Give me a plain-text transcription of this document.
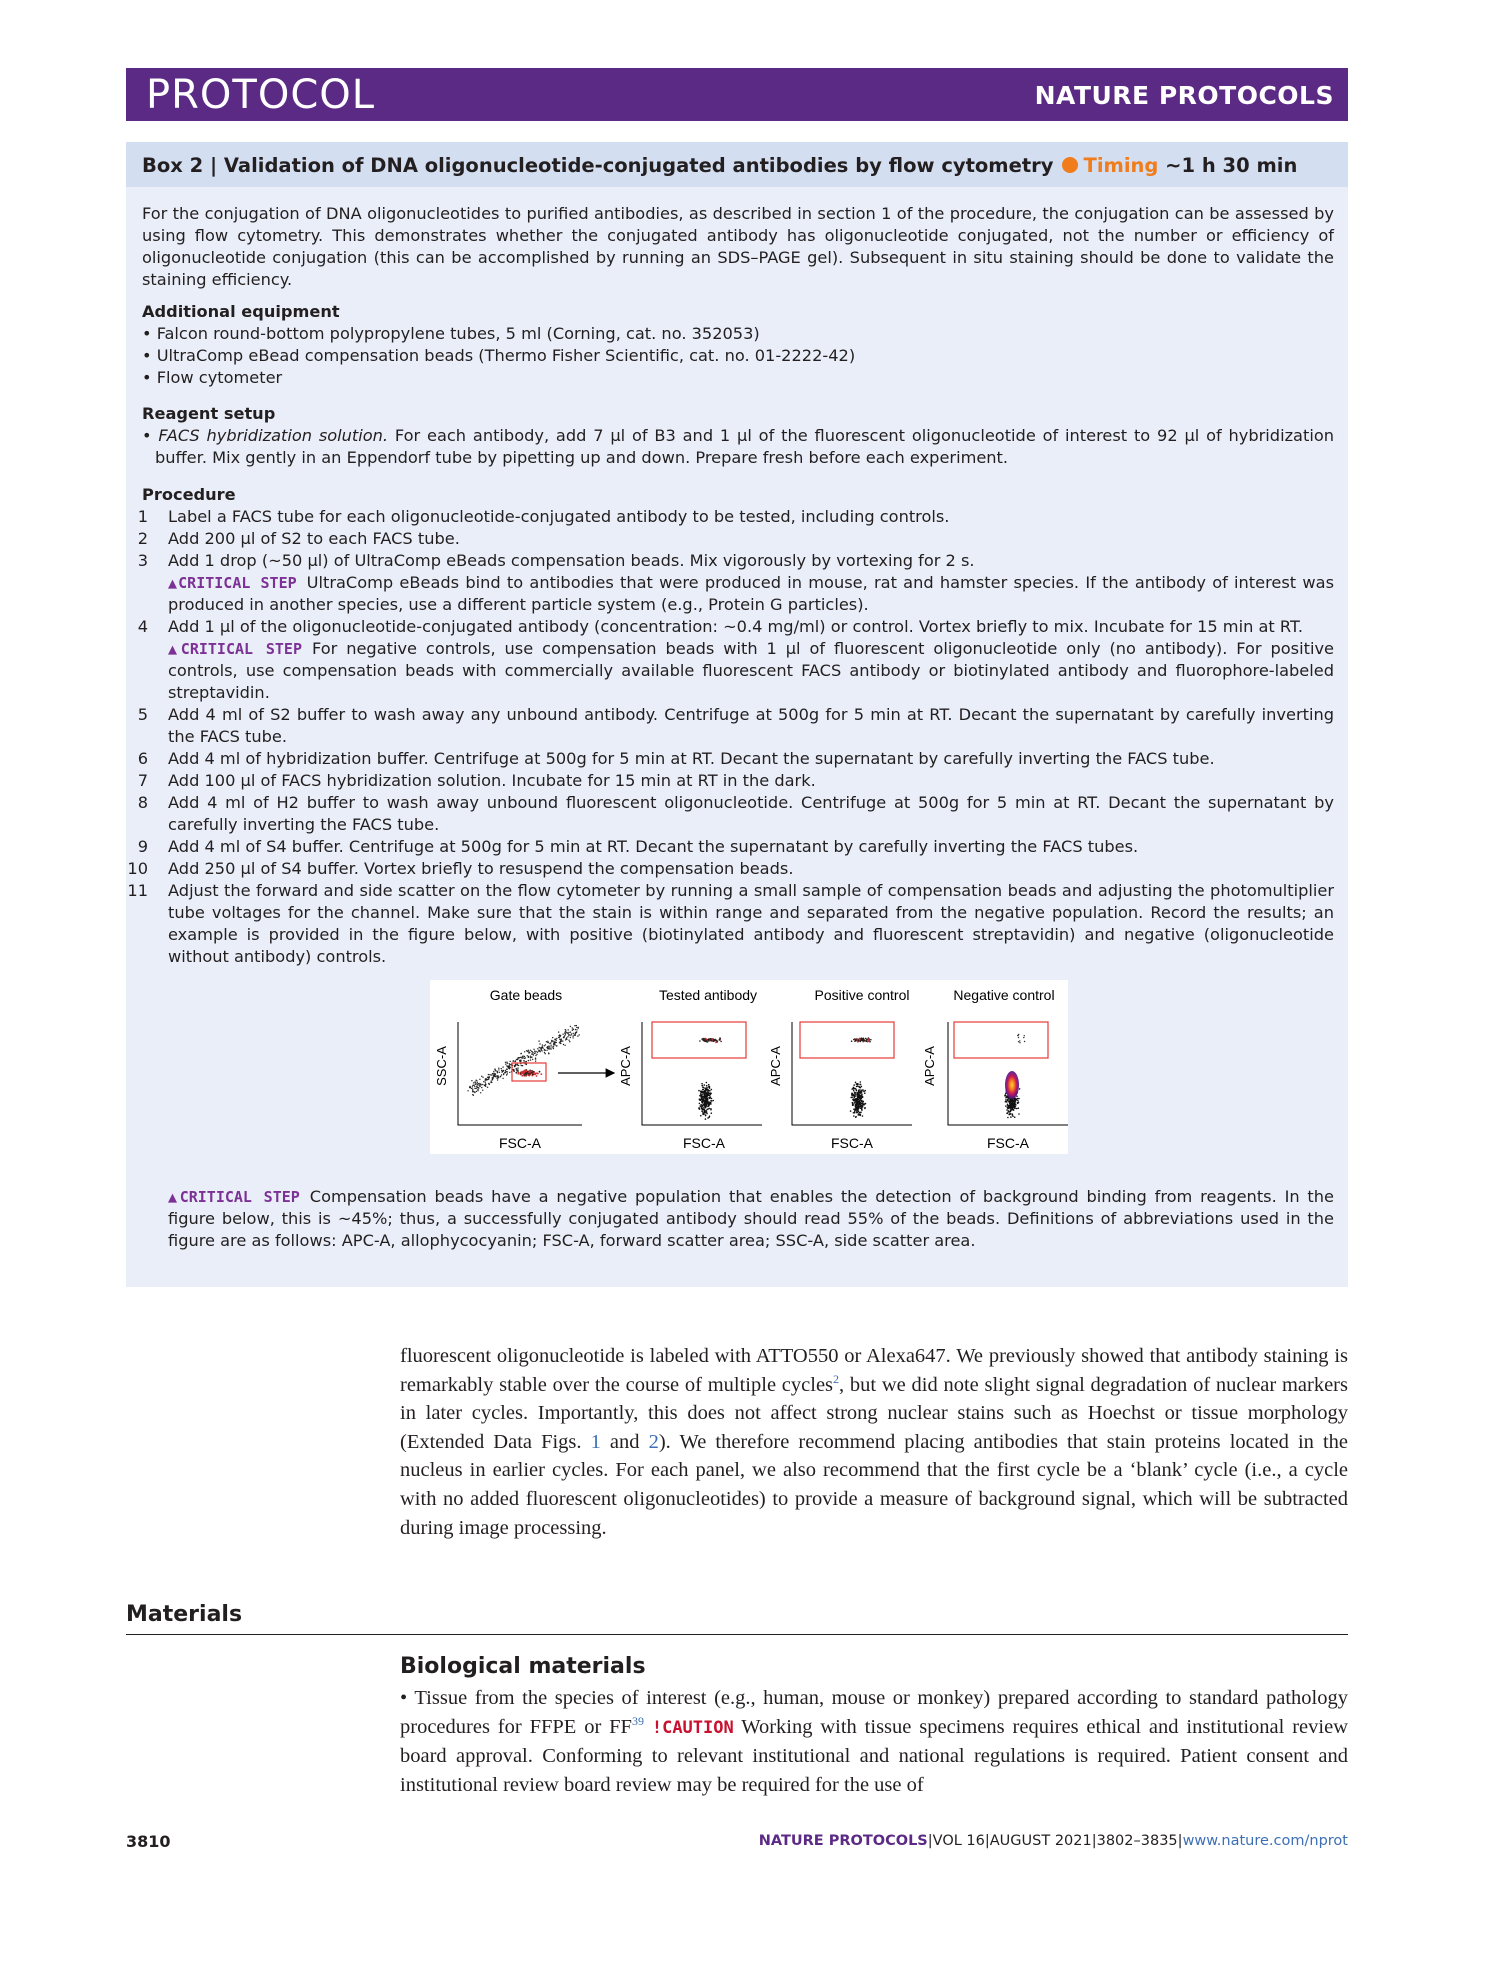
PROTOCOL	NATURE PROTOCOLS
Box 2 | Validation of DNA oligonucleotide-conjugated antibodies by flow cytometry Timing ~1 h 30 min
For the conjugation of DNA oligonucleotides to purified antibodies, as described in section 1 of the procedure, the conjugation can be assessed by using flow cytometry. This demonstrates whether the conjugated antibody has oligonucleotide conjugated, not the number or efficiency of oligonucleotide conjugation (this can be accomplished by running an SDS–PAGE gel). Subsequent in situ staining should be done to validate the staining efficiency.
Additional equipment
• Falcon round-bottom polypropylene tubes, 5 ml (Corning, cat. no. 352053)
• UltraComp eBead compensation beads (Thermo Fisher Scientific, cat. no. 01-2222-42)
• Flow cytometer
Reagent setup
• FACS hybridization solution. For each antibody, add 7 µl of B3 and 1 µl of the fluorescent oligonucleotide of interest to 92 µl of hybridization buffer. Mix gently in an Eppendorf tube by pipetting up and down. Prepare fresh before each experiment.
Procedure
1 Label a FACS tube for each oligonucleotide-conjugated antibody to be tested, including controls.
2 Add 200 µl of S2 to each FACS tube.
3 Add 1 drop (~50 µl) of UltraComp eBeads compensation beads. Mix vigorously by vortexing for 2 s.
▲CRITICAL STEP UltraComp eBeads bind to antibodies that were produced in mouse, rat and hamster species. If the antibody of interest was produced in another species, use a different particle system (e.g., Protein G particles).
4 Add 1 µl of the oligonucleotide-conjugated antibody (concentration: ~0.4 mg/ml) or control. Vortex briefly to mix. Incubate for 15 min at RT.
▲CRITICAL STEP For negative controls, use compensation beads with 1 µl of fluorescent oligonucleotide only (no antibody). For positive controls, use compensation beads with commercially available fluorescent FACS antibody or biotinylated antibody and fluorophore-labeled streptavidin.
5 Add 4 ml of S2 buffer to wash away any unbound antibody. Centrifuge at 500g for 5 min at RT. Decant the supernatant by carefully inverting the FACS tube.
6 Add 4 ml of hybridization buffer. Centrifuge at 500g for 5 min at RT. Decant the supernatant by carefully inverting the FACS tube.
7 Add 100 µl of FACS hybridization solution. Incubate for 15 min at RT in the dark.
8 Add 4 ml of H2 buffer to wash away unbound fluorescent oligonucleotide. Centrifuge at 500g for 5 min at RT. Decant the supernatant by carefully inverting the FACS tube.
9 Add 4 ml of S4 buffer. Centrifuge at 500g for 5 min at RT. Decant the supernatant by carefully inverting the FACS tubes.
10 Add 250 µl of S4 buffer. Vortex briefly to resuspend the compensation beads.
11 Adjust the forward and side scatter on the flow cytometer by running a small sample of compensation beads and adjusting the photomultiplier tube voltages for the channel. Make sure that the stain is within range and separated from the negative population. Record the results; an example is provided in the figure below, with positive (biotinylated antibody and fluorescent streptavidin) and negative (oligonucleotide without antibody) controls.
▲CRITICAL STEP Compensation beads have a negative population that enables the detection of background binding from reagents. In the figure below, this is ~45%; thus, a successfully conjugated antibody should read 55% of the beads. Definitions of abbreviations used in the figure are as follows: APC-A, allophycocyanin; FSC-A, forward scatter area; SSC-A, side scatter area.
Gate beads	Tested antibody	Positive control	Negative control
FSC-A	FSC-A	FSC-A	FSC-A
SSC-A	APC-A	APC-A	APC-A
fluorescent oligonucleotide is labeled with ATTO550 or Alexa647. We previously showed that antibody staining is remarkably stable over the course of multiple cycles$^2$, but we did note slight signal degradation of nuclear markers in later cycles. Importantly, this does not affect strong nuclear stains such as Hoechst or tissue morphology (Extended Data Figs. 1 and 2). We therefore recommend placing antibodies that stain proteins located in the nucleus in earlier cycles. For each panel, we also recommend that the first cycle be a ‘blank’ cycle (i.e., a cycle with no added fluorescent oligonucleotides) to provide a measure of background signal, which will be subtracted during image processing.
Materials
Biological materials
• Tissue from the species of interest (e.g., human, mouse or monkey) prepared according to standard pathology procedures for FFPE or FF$^{39}$ !CAUTION Working with tissue specimens requires ethical and institutional review board approval. Conforming to relevant institutional and national regulations is required. Patient consent and institutional review board review may be required for the use of
3810	NATURE PROTOCOLS|VOL 16|AUGUST 2021|3802–3835|www.nature.com/nprot
